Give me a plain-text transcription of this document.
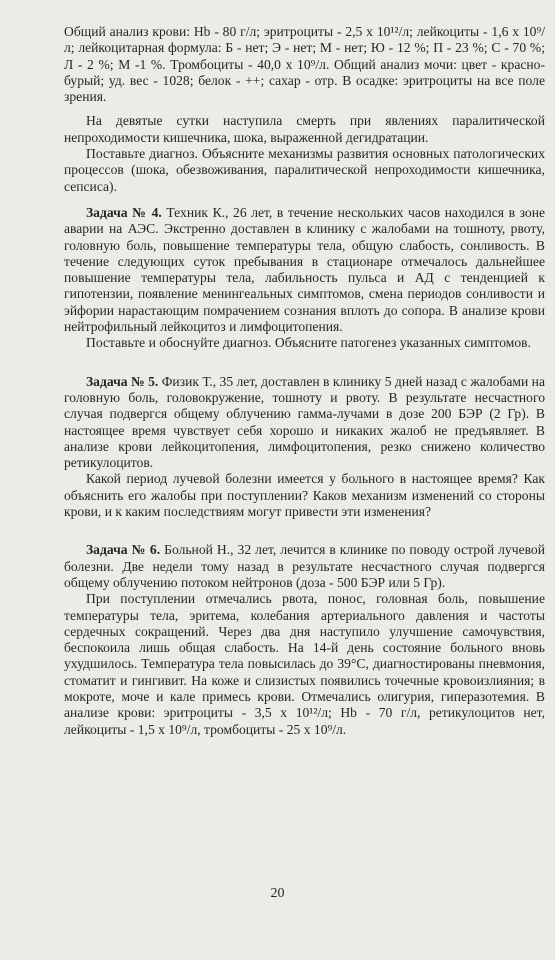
Общий анализ крови: Hb - 80 г/л; эритроциты - 2,5 х 10¹²/л; лейкоциты - 1,6 х 10⁹/л; лейкоцитарная формула: Б - нет; Э - нет; М - нет; Ю - 12 %; П - 23 %; С - 70 %; Л - 2 %; М -1 %. Тромбоциты - 40,0 х 10⁹/л. Общий анализ мочи: цвет - красно-бурый; уд. вес - 1028; белок - ++; сахар - отр. В осадке: эритроциты на все поле зрения.

На девятые сутки наступила смерть при явлениях паралитической непроходимости кишечника, шока, выраженной дегидратации.

Поставьте диагноз. Объясните механизмы развития основных патологических процессов (шока, обезвоживания, паралитической непроходимости кишечника, сепсиса).

Задача № 4. Техник К., 26 лет, в течение нескольких часов находился в зоне аварии на АЭС. Экстренно доставлен в клинику с жалобами на тошноту, рвоту, головную боль, повышение температуры тела, общую слабость, сонливость. В течение следующих суток пребывания в стационаре отмечалось дальнейшее повышение температуры тела, лабильность пульса и АД с тенденцией к гипотензии, появление менингеальных симптомов, смена периодов сонливости и эйфории нарастающим помрачением сознания вплоть до сопора. В анализе крови нейтрофильный лейкоцитоз и лимфоцитопения.

Поставьте и обоснуйте диагноз. Объясните патогенез указанных симптомов.

Задача № 5. Физик Т., 35 лет, доставлен в клинику 5 дней назад с жалобами на головную боль, головокружение, тошноту и рвоту. В результате несчастного случая подвергся общему облучению гамма-лучами в дозе 200 БЭР (2 Гр). В настоящее время чувствует себя хорошо и никаких жалоб не предъявляет. В анализе крови лейкоцитопения, лимфоцитопения, резко снижено количество ретикулоцитов.

Какой период лучевой болезни имеется у больного в настоящее время? Как объяснить его жалобы при поступлении? Каков механизм изменений со стороны крови, и к каким последствиям могут привести эти изменения?

Задача № 6. Больной Н., 32 лет, лечится в клинике по поводу острой лучевой болезни. Две недели тому назад в результате несчастного случая подвергся общему облучению потоком нейтронов (доза - 500 БЭР или 5 Гр).

При поступлении отмечались рвота, понос, головная боль, повышение температуры тела, эритема, колебания артериального давления и частоты сердечных сокращений. Через два дня наступило улучшение самочувствия, беспокоила лишь общая слабость. На 14-й день состояние больного вновь ухудшилось. Температура тела повысилась до 39°С, диагностированы пневмония, стоматит и гингивит. На коже и слизистых появились точечные кровоизлияния; в мокроте, моче и кале примесь крови. Отмечались олигурия, гиперазотемия. В анализе крови: эритроциты - 3,5 х 10¹²/л; Hb - 70 г/л, ретикулоцитов нет, лейкоциты - 1,5 х 10⁹/л, тромбоциты - 25 х 10⁹/л.

20
